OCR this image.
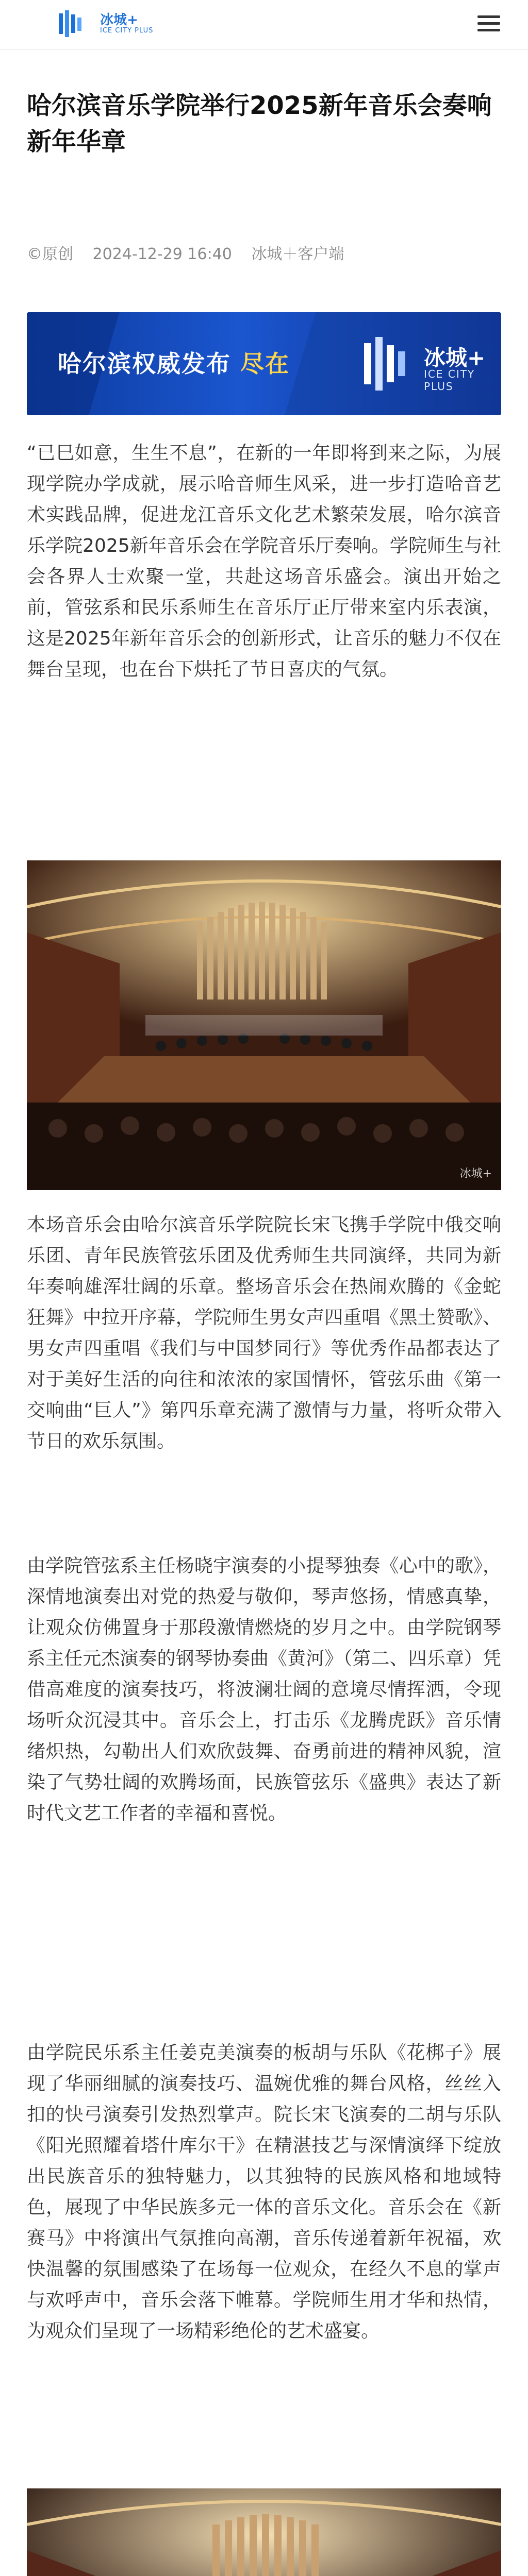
冰城+
ICE CITY PLUS
哈尔滨音乐学院举行2025新年音乐会奏响新年华章
©原创 2024-12-29 16:40 冰城＋客户端
哈尔滨权威发布 尽在	冰城+
ICE CITY PLUS

“已巳如意，生生不息”，在新的一年即将到来之际，为展现学院办学成就，展示哈音师生风采，进一步打造哈音艺术实践品牌，促进龙江音乐文化艺术繁荣发展，哈尔滨音乐学院2025新年音乐会在学院音乐厅奏响。学院师生与社会各界人士欢聚一堂，共赴这场音乐盛会。演出开始之前，管弦系和民乐系师生在音乐厅正厅带来室内乐表演，这是2025年新年音乐会的创新形式，让音乐的魅力不仅在舞台呈现，也在台下烘托了节日喜庆的气氛。

冰城+

本场音乐会由哈尔滨音乐学院院长宋飞携手学院中俄交响乐团、青年民族管弦乐团及优秀师生共同演绎，共同为新年奏响雄浑壮阔的乐章。整场音乐会在热闹欢腾的《金蛇狂舞》中拉开序幕，学院师生男女声四重唱《黑土赞歌》、男女声四重唱《我们与中国梦同行》等优秀作品都表达了对于美好生活的向往和浓浓的家国情怀，管弦乐曲《第一交响曲“巨人”》第四乐章充满了激情与力量，将听众带入节日的欢乐氛围。

由学院管弦系主任杨晓宇演奏的小提琴独奏《心中的歌》，深情地演奏出对党的热爱与敬仰，琴声悠扬，情感真挚，让观众仿佛置身于那段激情燃烧的岁月之中。由学院钢琴系主任元杰演奏的钢琴协奏曲《黄河》（第二、四乐章）凭借高难度的演奏技巧，将波澜壮阔的意境尽情挥洒，令现场听众沉浸其中。音乐会上，打击乐《龙腾虎跃》音乐情绪炽热，勾勒出人们欢欣鼓舞、奋勇前进的精神风貌，渲染了气势壮阔的欢腾场面，民族管弦乐《盛典》表达了新时代文艺工作者的幸福和喜悦。

由学院民乐系主任姜克美演奏的板胡与乐队《花梆子》展现了华丽细腻的演奏技巧、温婉优雅的舞台风格，丝丝入扣的快弓演奏引发热烈掌声。院长宋飞演奏的二胡与乐队《阳光照耀着塔什库尔干》在精湛技艺与深情演绎下绽放出民族音乐的独特魅力，以其独特的民族风格和地域特色，展现了中华民族多元一体的音乐文化。音乐会在《新赛马》中将演出气氛推向高潮，音乐传递着新年祝福，欢快温馨的氛围感染了在场每一位观众，在经久不息的掌声与欢呼声中，音乐会落下帷幕。学院师生用才华和热情，为观众们呈现了一场精彩绝伦的艺术盛宴。
